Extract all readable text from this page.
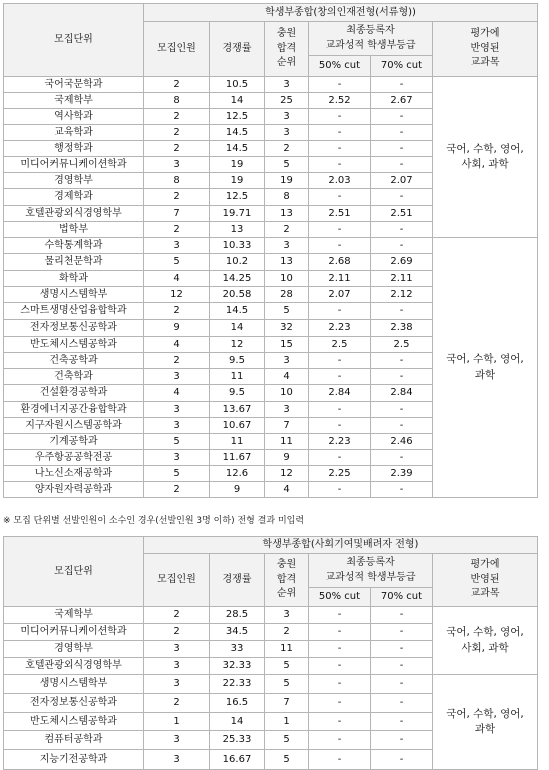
모집단위	학생부종합(창의인재전형(서류형))					
	모집인원	경쟁률	충원
합격
순위	최종등록자
교과성적 학생부등급		평가에
반영된
교과목
				50% cut	70% cut	
국어국문학과	2	10.5	3	-	-	국어, 수학, 영어,
사회, 과학
국제학부	8	14	25	2.52	2.67	
역사학과	2	12.5	3	-	-	
교육학과	2	14.5	3	-	-	
행정학과	2	14.5	2	-	-	
미디어커뮤니케이션학과	3	19	5	-	-	
경영학부	8	19	19	2.03	2.07	
경제학과	2	12.5	8	-	-	
호텔관광외식경영학부	7	19.71	13	2.51	2.51	
법학부	2	13	2	-	-	
수학통계학과	3	10.33	3	-	-	국어, 수학, 영어,
과학
물리천문학과	5	10.2	13	2.68	2.69	
화학과	4	14.25	10	2.11	2.11	
생명시스템학부	12	20.58	28	2.07	2.12	
스마트생명산업융합학과	2	14.5	5	-	-	
전자정보통신공학과	9	14	32	2.23	2.38	
반도체시스템공학과	4	12	15	2.5	2.5	
건축공학과	2	9.5	3	-	-	
건축학과	3	11	4	-	-	
건설환경공학과	4	9.5	10	2.84	2.84	
환경에너지공간융합학과	3	13.67	3	-	-	
지구자원시스템공학과	3	10.67	7	-	-	
기계공학과	5	11	11	2.23	2.46	
우주항공공학전공	3	11.67	9	-	-	
나노신소재공학과	5	12.6	12	2.25	2.39	
양자원자력공학과	2	9	4	-	-	
※ 모집 단위별 선발인원이 소수인 경우(선발인원 3명 이하) 전형 결과 미입력
모집단위	학생부종합(사회기여및배려자 전형)					
	모집인원	경쟁률	충원
합격
순위	최종등록자
교과성적 학생부등급		평가에
반영된
교과목
				50% cut	70% cut	
국제학부	2	28.5	3	-	-	국어, 수학, 영어,
사회, 과학
미디어커뮤니케이션학과	2	34.5	2	-	-	
경영학부	3	33	11	-	-	
호텔관광외식경영학부	3	32.33	5	-	-	
생명시스템학부	3	22.33	5	-	-	국어, 수학, 영어,
과학
전자정보통신공학과	2	16.5	7	-	-	
반도체시스템공학과	1	14	1	-	-	
컴퓨터공학과	3	25.33	5	-	-	
지능기전공학과	3	16.67	5	-	-	
